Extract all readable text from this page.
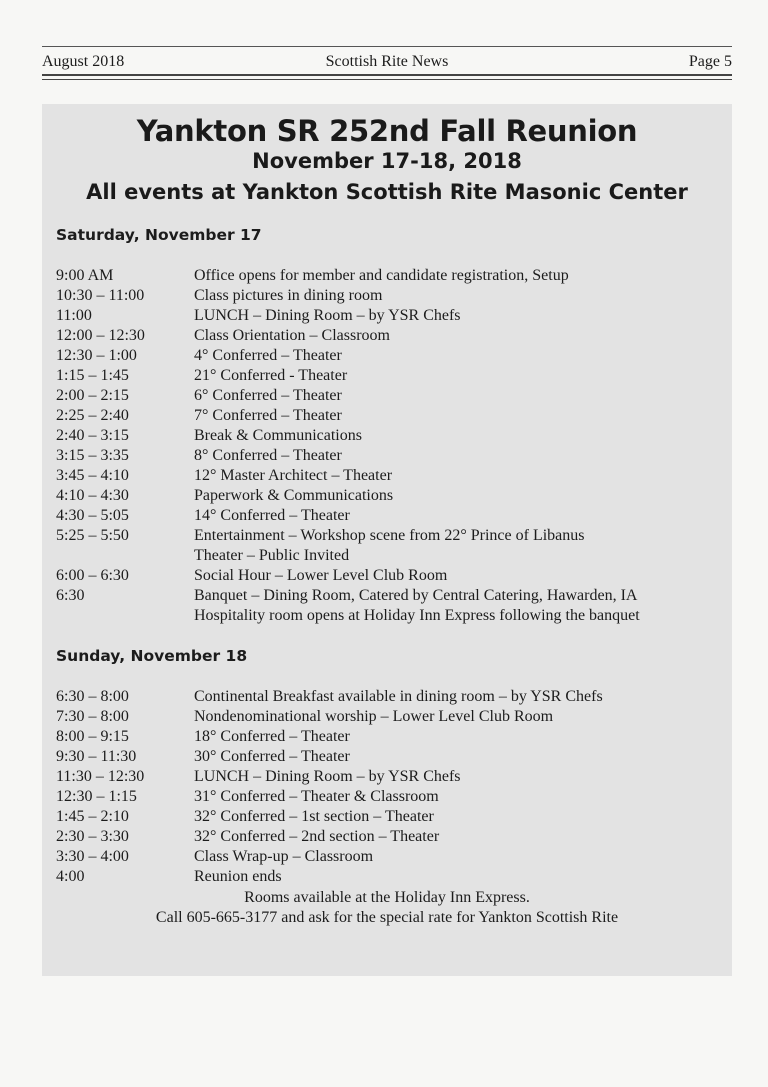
August 2018	Scottish Rite News	Page 5
Yankton SR 252nd Fall Reunion
November 17-18, 2018
All events at Yankton Scottish Rite Masonic Center
Saturday, November 17
9:00 AM	Office opens for member and candidate registration, Setup
10:30 – 11:00	Class pictures in dining room
11:00	LUNCH – Dining Room – by YSR Chefs
12:00 – 12:30	Class Orientation – Classroom
12:30 – 1:00	4° Conferred – Theater
1:15 – 1:45	21° Conferred - Theater
2:00 – 2:15	6° Conferred – Theater
2:25 – 2:40	7° Conferred – Theater
2:40 – 3:15	Break & Communications
3:15 – 3:35	8° Conferred – Theater
3:45 – 4:10	12° Master Architect – Theater
4:10 – 4:30	Paperwork & Communications
4:30 – 5:05	14° Conferred – Theater
5:25 – 5:50	Entertainment – Workshop scene from 22° Prince of Libanus
Theater – Public Invited
6:00 – 6:30	Social Hour – Lower Level Club Room
6:30	Banquet – Dining Room, Catered by Central Catering, Hawarden, IA
Hospitality room opens at Holiday Inn Express following the banquet
Sunday, November 18
6:30 – 8:00	Continental Breakfast available in dining room – by YSR Chefs
7:30 – 8:00	Nondenominational worship – Lower Level Club Room
8:00 – 9:15	18° Conferred – Theater
9:30 – 11:30	30° Conferred – Theater
11:30 – 12:30	LUNCH – Dining Room – by YSR Chefs
12:30 – 1:15	31° Conferred – Theater & Classroom
1:45 – 2:10	32° Conferred – 1st section – Theater
2:30 – 3:30	32° Conferred – 2nd section – Theater
3:30 – 4:00	Class Wrap-up – Classroom
4:00	Reunion ends
Rooms available at the Holiday Inn Express.
Call 605-665-3177 and ask for the special rate for Yankton Scottish Rite
